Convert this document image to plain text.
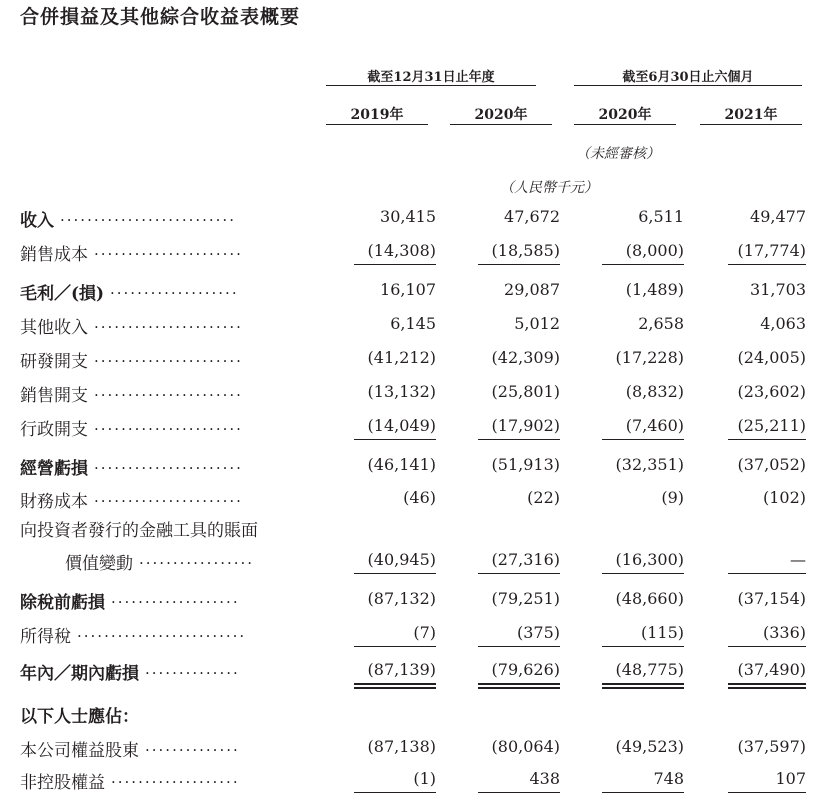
合併損益及其他綜合收益表概要
截至12月31日止年度	截至6月30日止六個月
2019年	2020年	2020年	2021年
（未經審核）
（人民幣千元）
收入 ..........................	30,415	47,672	6,511	49,477
銷售成本 ......................	(14,308)	(18,585)	(8,000)	(17,774)
毛利／(損) ...................	16,107	29,087	(1,489)	31,703
其他收入 ......................	6,145	5,012	2,658	4,063
研發開支 ......................	(41,212)	(42,309)	(17,228)	(24,005)
銷售開支 ......................	(13,132)	(25,801)	(8,832)	(23,602)
行政開支 ......................	(14,049)	(17,902)	(7,460)	(25,211)
經營虧損 ......................	(46,141)	(51,913)	(32,351)	(37,052)
財務成本 ......................	(46)	(22)	(9)	(102)
向投資者發行的金融工具的賬面
價值變動 .................	(40,945)	(27,316)	(16,300)	—
除稅前虧損 ...................	(87,132)	(79,251)	(48,660)	(37,154)
所得稅 .........................	(7)	(375)	(115)	(336)
年內／期內虧損 ..............	(87,139)	(79,626)	(48,775)	(37,490)
以下人士應佔：
本公司權益股東 ..............	(87,138)	(80,064)	(49,523)	(37,597)
非控股權益 ...................	(1)	438	748	107
